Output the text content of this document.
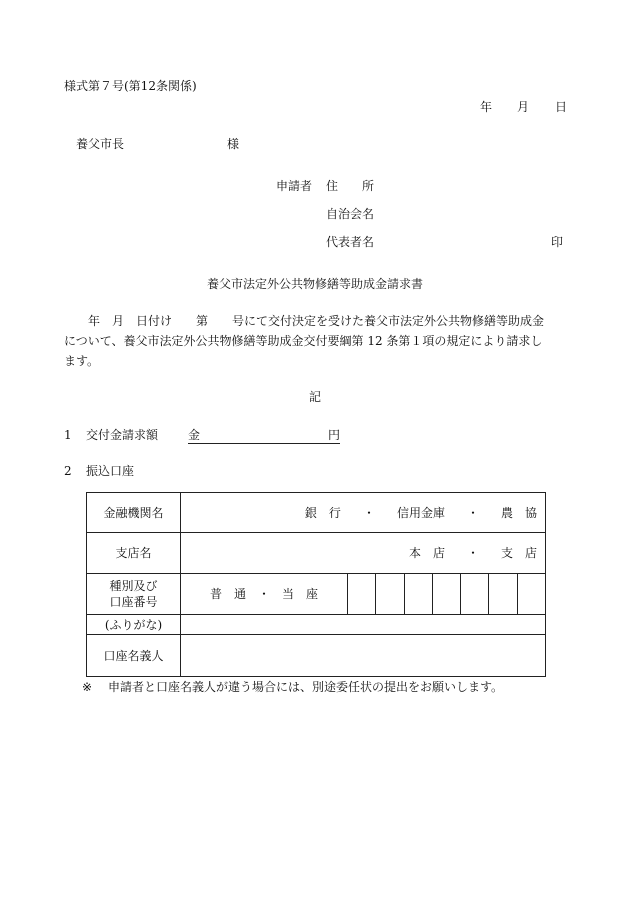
様式第７号(第12条関係)
年 月 日
養父市長	様
申請者 住　　所
自治会名
代表者名	印
養父市法定外公共物修繕等助成金請求書
年　月　日付け　　第　　号にて交付決定を受けた養父市法定外公共物修繕等助成金
について、養父市法定外公共物修繕等助成金交付要綱第 12 条第１項の規定により請求し
ます。
記
1 交付金請求額 金	円
2 振込口座
金融機関名	銀　行 ・ 信用金庫 ・ 農　協

支店名	本　店 ・ 支　店

種別及び
口座番号	普　通　・　当　座

(ふりがな)	
口座名義人	
※ 申請者と口座名義人が違う場合には、別途委任状の提出をお願いします。
